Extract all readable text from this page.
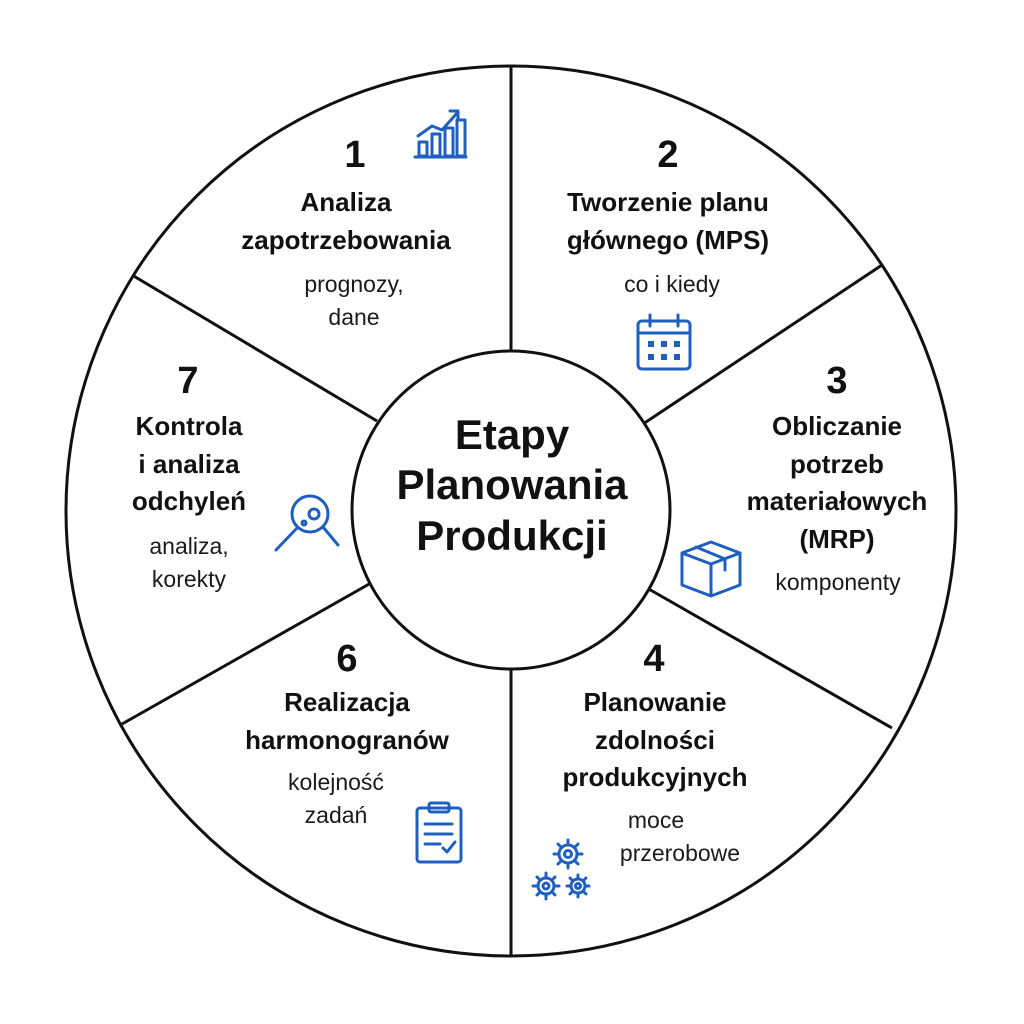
Etapy
Planowania
Produkcji
1
Analiza
zapotrzebowania
prognozy,
dane
2
Tworzenie planu
głównego (MPS)
co i kiedy
3
Obliczanie
potrzeb
materiałowych
(MRP)
komponenty
4
Planowanie
zdolności
produkcyjnych
moce
przerobowe
6
Realizacja
harmonogranów
kolejność
zadań
7
Kontrola
i analiza
odchyleń
analiza,
korekty
